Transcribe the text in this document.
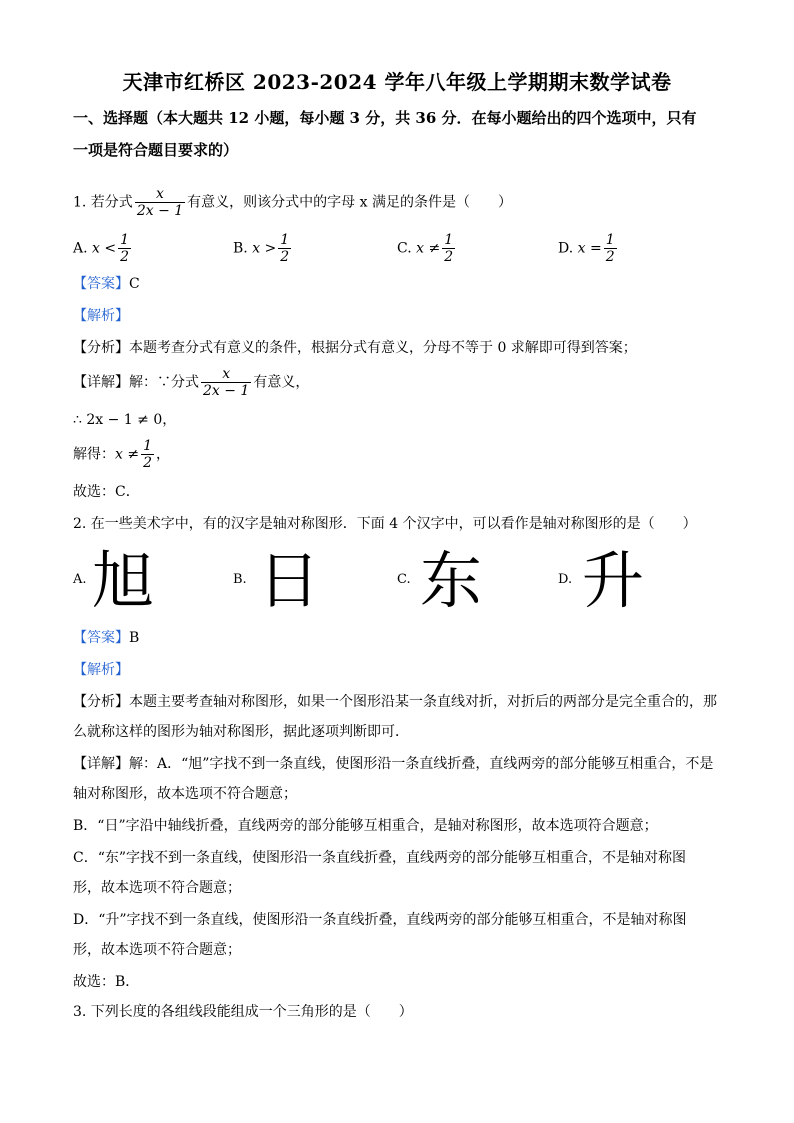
天津市红桥区 2023-2024 学年八年级上学期期末数学试卷
一、选择题（本大题共 12 小题，每小题 3 分，共 36 分．在每小题给出的四个选项中，只有
一项是符合题目要求的）
1. 若分式 $\frac{x}{2x - 1}$ 有意义，则该分式中的字母 x 满足的条件是（　　）
A. $x < \frac{1}{2}$	B. $x > \frac{1}{2}$	C. $x \ne \frac{1}{2}$	D. $x = \frac{1}{2}$
【答案】C
【解析】
【分析】本题考查分式有意义的条件，根据分式有意义，分母不等于 0 求解即可得到答案；
【详解】解：∵分式 $\frac{x}{2x - 1}$ 有意义，
∴ 2x − 1 ≠ 0，
解得：$x \ne \frac{1}{2}$ ，
故选：C．
2. 在一些美术字中，有的汉字是轴对称图形．下面 4 个汉字中，可以看作是轴对称图形的是（　　）
A. 旭	B. 日	C. 东	D. 升
【答案】B
【解析】
【分析】本题主要考查轴对称图形，如果一个图形沿某一条直线对折，对折后的两部分是完全重合的，那
么就称这样的图形为轴对称图形，据此逐项判断即可．
【详解】解：A．“旭”字找不到一条直线，使图形沿一条直线折叠，直线两旁的部分能够互相重合，不是
轴对称图形，故本选项不符合题意；
B．“日”字沿中轴线折叠，直线两旁的部分能够互相重合，是轴对称图形，故本选项符合题意；
C．“东”字找不到一条直线，使图形沿一条直线折叠，直线两旁的部分能够互相重合，不是轴对称图
形，故本选项不符合题意；
D．“升”字找不到一条直线，使图形沿一条直线折叠，直线两旁的部分能够互相重合，不是轴对称图
形，故本选项不符合题意；
故选：B．
3. 下列长度的各组线段能组成一个三角形的是（　　）
